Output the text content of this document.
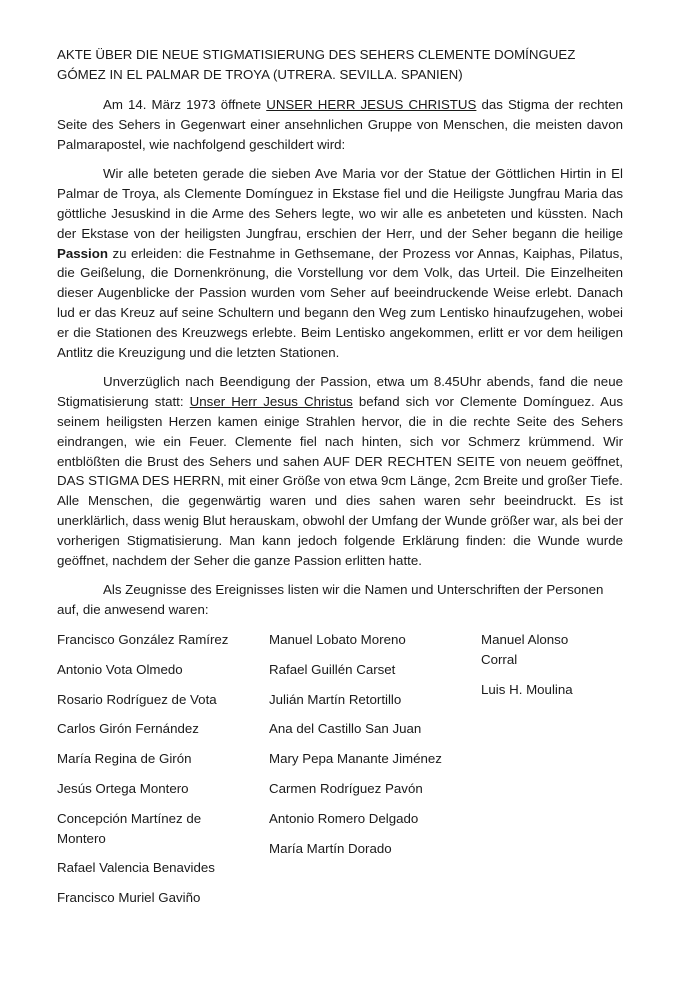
AKTE ÜBER DIE NEUE STIGMATISIERUNG DES SEHERS CLEMENTE DOMÍNGUEZ GÓMEZ IN EL PALMAR DE TROYA (UTRERA. SEVILLA. SPANIEN)

Am 14. März 1973 öffnete UNSER HERR JESUS CHRISTUS das Stigma der rechten Seite des Sehers in Gegenwart einer ansehnlichen Gruppe von Menschen, die meisten davon Palmarapostel, wie nachfolgend geschildert wird:

Wir alle beteten gerade die sieben Ave Maria vor der Statue der Göttlichen Hirtin in El Palmar de Troya, als Clemente Domínguez in Ekstase fiel und die Heiligste Jungfrau Maria das göttliche Jesuskind in die Arme des Sehers legte, wo wir alle es anbeteten und küssten. Nach der Ekstase von der heiligsten Jungfrau, erschien der Herr, und der Seher begann die heilige Passion zu erleiden: die Festnahme in Gethsemane, der Prozess vor Annas, Kaiphas, Pilatus, die Geißelung, die Dornenkrönung, die Vorstellung vor dem Volk, das Urteil. Die Einzelheiten dieser Augenblicke der Passion wurden vom Seher auf beeindruckende Weise erlebt. Danach lud er das Kreuz auf seine Schultern und begann den Weg zum Lentisko hinaufzugehen, wobei er die Stationen des Kreuzwegs erlebte. Beim Lentisko angekommen, erlitt er vor dem heiligen Antlitz die Kreuzigung und die letzten Stationen.

Unverzüglich nach Beendigung der Passion, etwa um 8.45Uhr abends, fand die neue Stigmatisierung statt: Unser Herr Jesus Christus befand sich vor Clemente Domínguez. Aus seinem heiligsten Herzen kamen einige Strahlen hervor, die in die rechte Seite des Sehers eindrangen, wie ein Feuer. Clemente fiel nach hinten, sich vor Schmerz krümmend. Wir entblößten die Brust des Sehers und sahen AUF DER RECHTEN SEITE von neuem geöffnet, DAS STIGMA DES HERRN, mit einer Größe von etwa 9cm Länge, 2cm Breite und großer Tiefe. Alle Menschen, die gegenwärtig waren und dies sahen waren sehr beeindruckt. Es ist unerklärlich, dass wenig Blut herauskam, obwohl der Umfang der Wunde größer war, als bei der vorherigen Stigmatisierung. Man kann jedoch folgende Erklärung finden: die Wunde wurde geöffnet, nachdem der Seher die ganze Passion erlitten hatte.

Als Zeugnisse des Ereignisses listen wir die Namen und Unterschriften der Personen auf, die anwesend waren:

Francisco González Ramírez
Antonio Vota Olmedo
Rosario Rodríguez de Vota
Carlos Girón Fernández
María Regina de Girón
Jesús Ortega Montero
Concepción Martínez de Montero
Rafael Valencia Benavides
Francisco Muriel Gaviño
Manuel Lobato Moreno
Rafael Guillén Carset
Julián Martín Retortillo
Ana del Castillo San Juan
Mary Pepa Manante Jiménez
Carmen Rodríguez Pavón
Antonio Romero Delgado
María Martín Dorado
Manuel Alonso Corral
Luis H. Moulina
